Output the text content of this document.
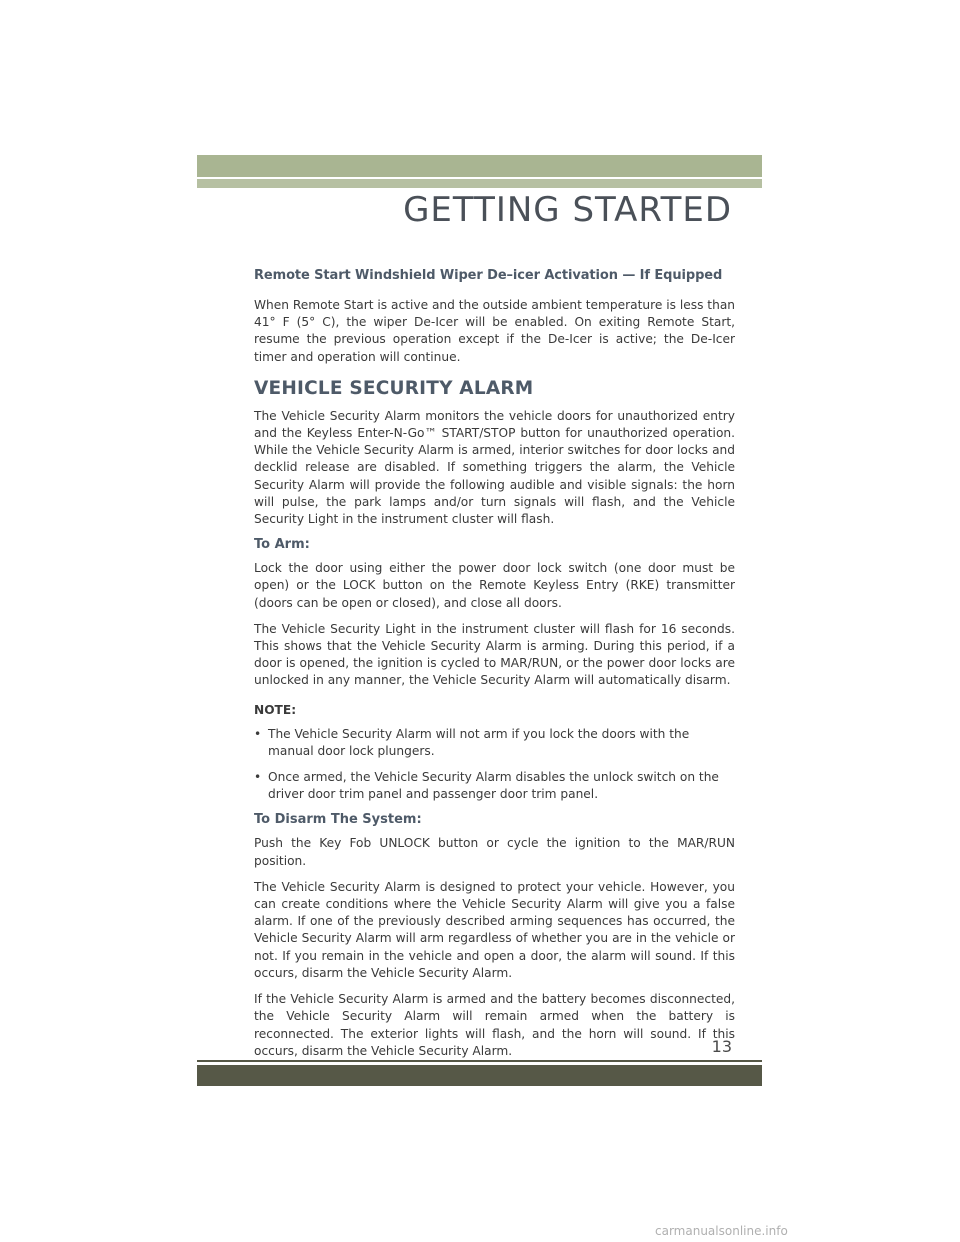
GETTING STARTED
Remote Start Windshield Wiper De–icer Activation — If Equipped

When Remote Start is active and the outside ambient temperature is less than 41° F (5° C), the wiper De-Icer will be enabled. On exiting Remote Start, resume the previous operation except if the De-Icer is active; the De-Icer timer and operation will continue.

VEHICLE SECURITY ALARM

The Vehicle Security Alarm monitors the vehicle doors for unauthorized entry and the Keyless Enter-N-Go™ START/STOP button for unauthorized operation. While the Vehicle Security Alarm is armed, interior switches for door locks and decklid release are disabled. If something triggers the alarm, the Vehicle Security Alarm will provide the following audible and visible signals: the horn will pulse, the park lamps and/or turn signals will flash, and the Vehicle Security Light in the instrument cluster will flash.

To Arm:

Lock the door using either the power door lock switch (one door must be open) or the LOCK button on the Remote Keyless Entry (RKE) transmitter (doors can be open or closed), and close all doors.

The Vehicle Security Light in the instrument cluster will flash for 16 seconds. This shows that the Vehicle Security Alarm is arming. During this period, if a door is opened, the ignition is cycled to MAR/RUN, or the power door locks are unlocked in any manner, the Vehicle Security Alarm will automatically disarm.

NOTE:
• The Vehicle Security Alarm will not arm if you lock the doors with the manual door lock plungers.
• Once armed, the Vehicle Security Alarm disables the unlock switch on the driver door trim panel and passenger door trim panel.
To Disarm The System:

Push the Key Fob UNLOCK button or cycle the ignition to the MAR/RUN position.

The Vehicle Security Alarm is designed to protect your vehicle. However, you can create conditions where the Vehicle Security Alarm will give you a false alarm. If one of the previously described arming sequences has occurred, the Vehicle Security Alarm will arm regardless of whether you are in the vehicle or not. If you remain in the vehicle and open a door, the alarm will sound. If this occurs, disarm the Vehicle Security Alarm.

If the Vehicle Security Alarm is armed and the battery becomes disconnected, the Vehicle Security Alarm will remain armed when the battery is reconnected. The exterior lights will flash, and the horn will sound. If this occurs, disarm the Vehicle Security Alarm.	13
carmanualsonline.info
